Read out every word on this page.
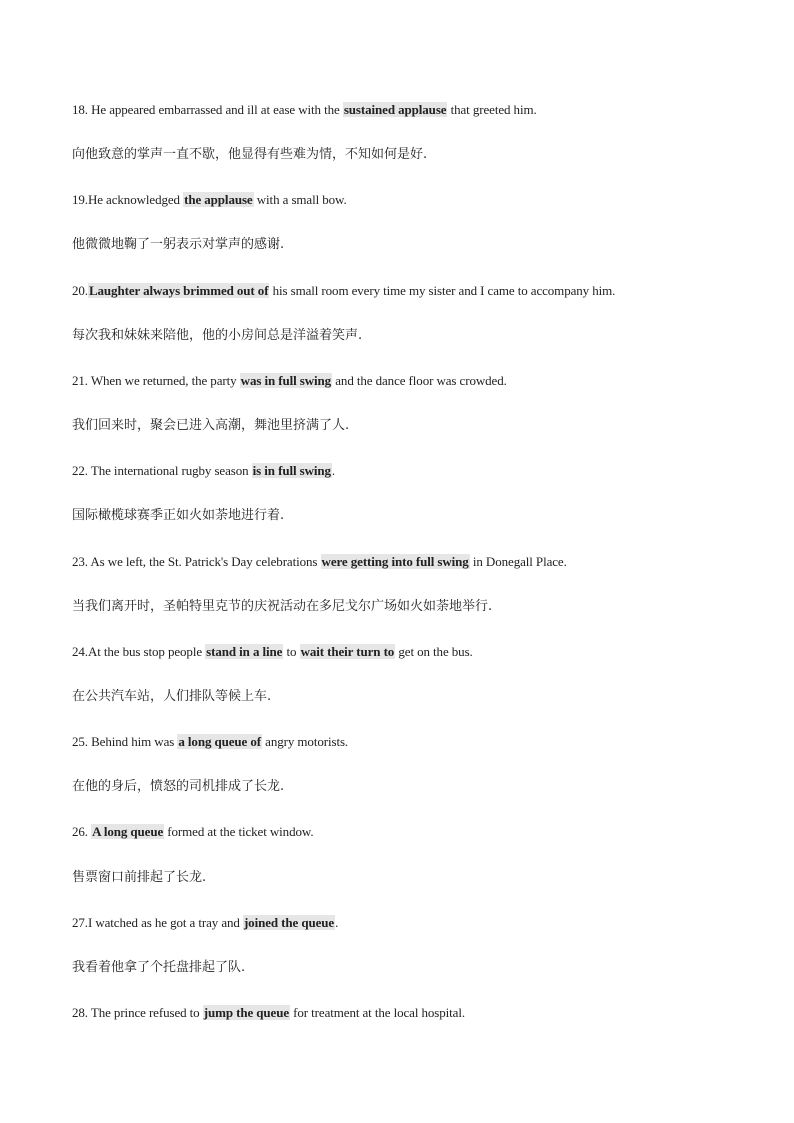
18. He appeared embarrassed and ill at ease with the sustained applause that greeted him.
向他致意的掌声一直不歇，他显得有些难为情，不知如何是好.
19.He acknowledged the applause with a small bow.
他微微地鞠了一躬表示对掌声的感谢.
20.Laughter always brimmed out of his small room every time my sister and I came to accompany him.
每次我和妹妹来陪他，他的小房间总是洋溢着笑声.
21. When we returned, the party was in full swing and the dance floor was crowded.
我们回来时，聚会已进入高潮，舞池里挤满了人.
22. The international rugby season is in full swing.
国际橄榄球赛季正如火如荼地进行着.
23. As we left, the St. Patrick's Day celebrations were getting into full swing in Donegall Place.
当我们离开时，圣帕特里克节的庆祝活动在多尼戈尔广场如火如荼地举行.
24.At the bus stop people stand in a line to wait their turn to get on the bus.
在公共汽车站，人们排队等候上车.
25. Behind him was a long queue of angry motorists.
在他的身后，愤怒的司机排成了长龙.
26. A long queue formed at the ticket window.
售票窗口前排起了长龙.
27.I watched as he got a tray and joined the queue.
我看着他拿了个托盘排起了队.
28. The prince refused to jump the queue for treatment at the local hospital.
